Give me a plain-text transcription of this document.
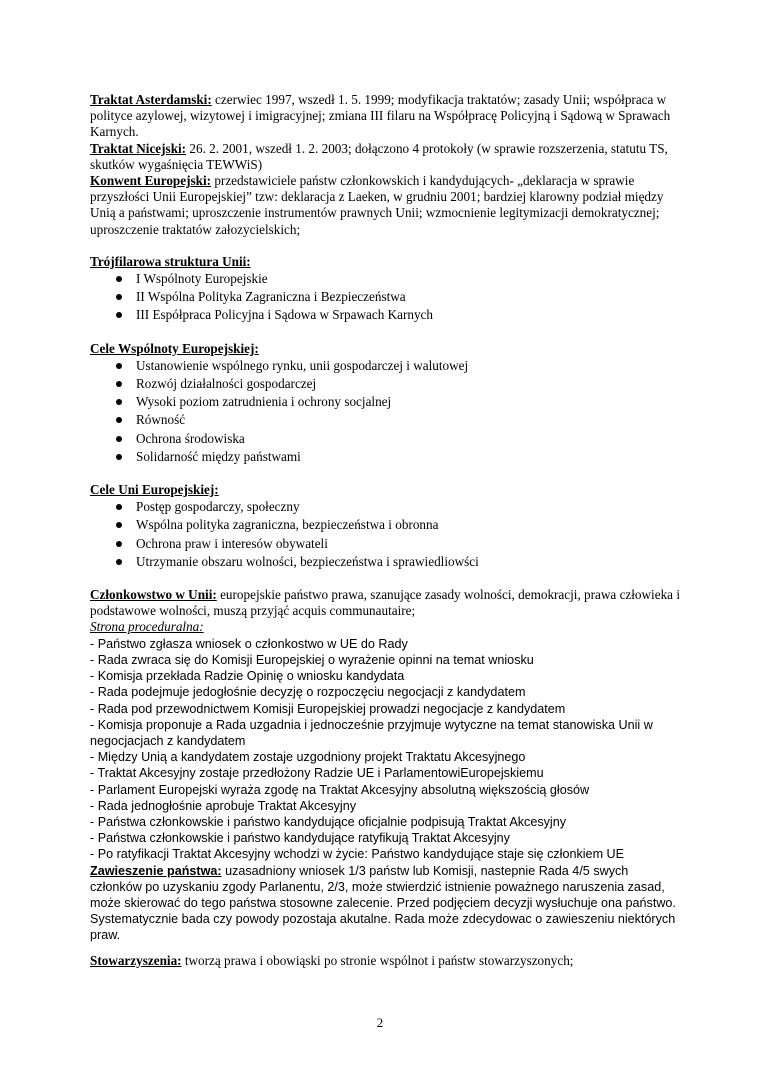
Traktat Asterdamski: czerwiec 1997, wszedł 1. 5. 1999; modyfikacja traktatów; zasady Unii; współpraca w polityce azylowej, wizytowej i imigracyjnej; zmiana III filaru na Współpracę Policyjną i Sądową w Sprawach Karnych.

Traktat Nicejski: 26. 2. 2001, wszedł 1. 2. 2003; dołączono 4 protokoły (w sprawie rozszerzenia, statutu TS, skutków wygaśnięcia TEWWiS)

Konwent Europejski: przedstawiciele państw członkowskich i kandydujących- „deklaracja w sprawie przyszłości Unii Europejskiej” tzw: deklaracja z Laeken, w grudniu 2001; bardziej klarowny podział między Unią a państwami; uproszczenie instrumentów prawnych Unii; wzmocnienie legitymizacji demokratycznej; uproszczenie traktatów załozycielskich;

Trójfilarowa struktura Unii:

I Wspólnoty Europejskie
II Wspólna Polityka Zagraniczna i Bezpieczeństwa
III Espółpraca Policyjna i Sądowa w Srpawach Karnych

Cele Wspólnoty Europejskiej:

Ustanowienie wspólnego rynku, unii gospodarczej i walutowej
Rozwój działalności gospodarczej
Wysoki poziom zatrudnienia i ochrony socjalnej
Równość
Ochrona środowiska
Solidarność między państwami

Cele Uni Europejskiej:

Postęp gospodarczy, społeczny
Wspólna polityka zagraniczna, bezpieczeństwa i obronna
Ochrona praw i interesów obywateli
Utrzymanie obszaru wolności, bezpieczeństwa i sprawiedliowści

Członkowstwo w Unii: europejskie państwo prawa, szanujące zasady wolności, demokracji, prawa człowieka i podstawowe wolności, muszą przyjąć acquis communautaire;

Strona proceduralna:

- Państwo zgłasza wniosek o członkostwo w UE do Rady

- Rada zwraca się do Komisji Europejskiej o wyrażenie opinni na temat wniosku

- Komisja przekłada Radzie Opinię o wniosku kandydata

- Rada podejmuje jedogłośnie decyzję o rozpoczęciu negocjacji z kandydatem

- Rada pod przewodnictwem Komisji Europejskiej prowadzi negocjacje z kandydatem

- Komisja proponuje a Rada uzgadnia i jednocześnie przyjmuje wytyczne na temat stanowiska Unii w negocjacjach z kandydatem

- Między Unią a kandydatem zostaje uzgodniony projekt Traktatu Akcesyjnego

- Traktat Akcesyjny zostaje przedłożony Radzie UE i ParlamentowiEuropejskiemu

- Parlament Europejski wyraża zgodę na Traktat Akcesyjny absolutną większością głosów

- Rada jednogłośnie aprobuje Traktat Akcesyjny

- Państwa członkowskie i państwo kandydujące oficjalnie podpisują Traktat Akcesyjny

- Państwa członkowskie i państwo kandydujące ratyfikują Traktat Akcesyjny

- Po ratyfikacji Traktat Akcesyjny wchodzi w życie: Państwo kandydujące staje się członkiem UE

Zawieszenie państwa: uzasadniony wniosek 1/3 państw lub Komisji, nastepnie Rada 4/5 swych członków po uzyskaniu zgody Parlanentu, 2/3, może stwierdzić istnienie poważnego naruszenia zasad, może skierować do tego państwa stosowne zalecenie. Przed podjęciem decyzji wysłuchuje ona państwo. Systematycznie bada czy powody pozostaja akutalne. Rada może zdecydowac o zawieszeniu niektórych praw.

Stowarzyszenia: tworzą prawa i obowiąski po stronie wspólnot i państw stowarzyszonych;

2
